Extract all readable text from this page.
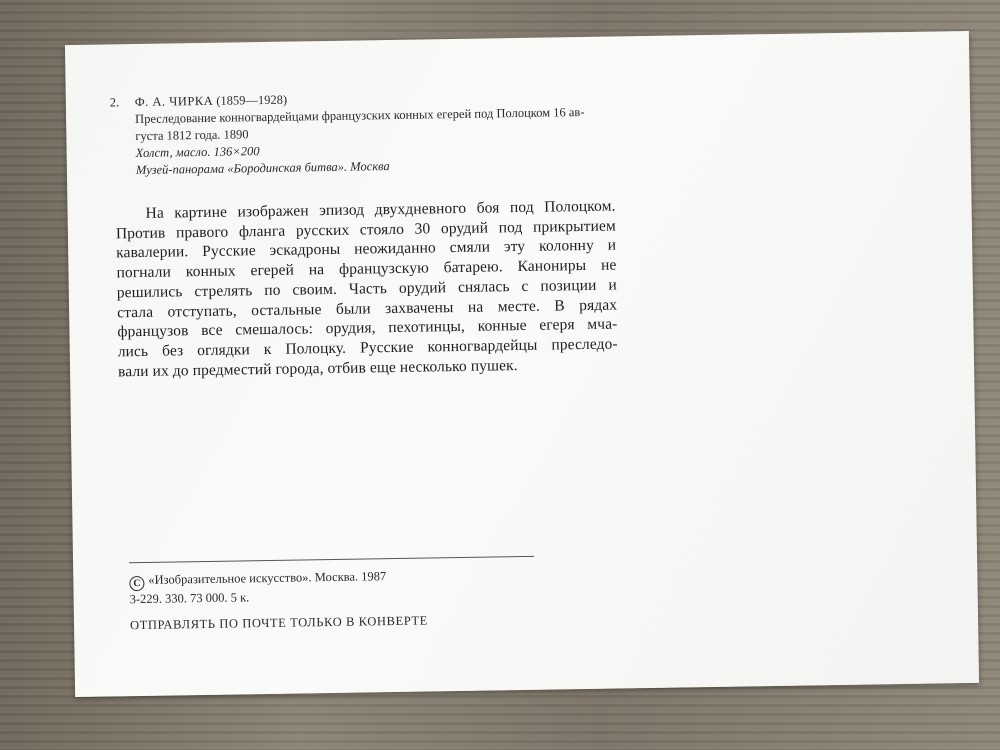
2. Ф. А. ЧИРКА (1859—1928)
Преследование конногвардейцами французских конных егерей под Полоцком 16 ав-
густа 1812 года. 1890
Холст, масло. 136×200
Музей-панорама «Бородинская битва». Москва
На картине изображен эпизод двухдневного боя под Полоцком.
Против правого фланга русских стояло 30 орудий под прикрытием
кавалерии. Русские эскадроны неожиданно смяли эту колонну и
погнали конных егерей на французскую батарею. Канониры не
решились стрелять по своим. Часть орудий снялась с позиции и
стала отступать, остальные были захвачены на месте. В рядах
французов все смешалось: орудия, пехотинцы, конные егеря мча-
лись без оглядки к Полоцку. Русские конногвардейцы преследо-
вали их до предместий города, отбив еще несколько пушек.
C «Изобразительное искусство». Москва. 1987
3-229. 330. 73 000. 5 к.
ОТПРАВЛЯТЬ ПО ПОЧТЕ ТОЛЬКО В КОНВЕРТЕ
